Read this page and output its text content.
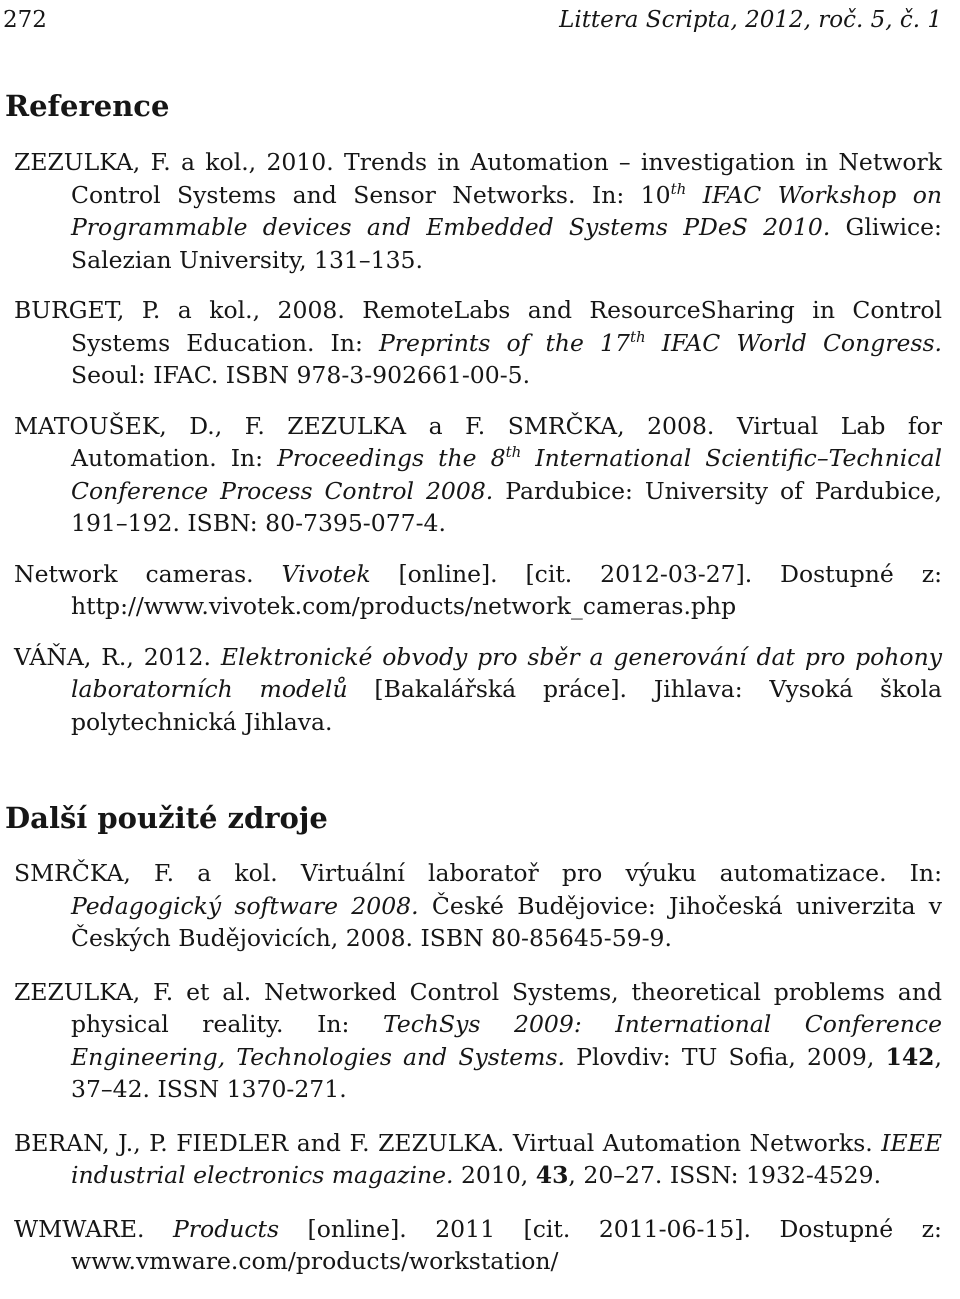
272	Littera Scripta, 2012, roč. 5, č. 1
Reference
ZEZULKA, F. a kol., 2010. Trends in Automation – investigation in Network Control Systems and Sensor Networks. In: 10th IFAC Workshop on Programmable devices and Embedded Systems PDeS 2010. Gliwice: Salezian University, 131–135.
BURGET, P. a kol., 2008. RemoteLabs and ResourceSharing in Control Systems Education. In: Preprints of the 17th IFAC World Congress. Seoul: IFAC. ISBN 978-3-902661-00-5.
MATOUŠEK, D., F. ZEZULKA a F. SMRČKA, 2008. Virtual Lab for Automation. In: Proceedings the 8th International Scientific–Technical Conference Process Control 2008. Pardubice: University of Pardubice, 191–192. ISBN: 80-7395-077-4.
Network cameras. Vivotek [online]. [cit. 2012-03-27]. Dostupné z: http://www.vivotek.com/products/network_cameras.php
VÁŇA, R., 2012. Elektronické obvody pro sběr a generování dat pro pohony laboratorních modelů [Bakalářská práce]. Jihlava: Vysoká škola polytechnická Jihlava.
Další použité zdroje
SMRČKA, F. a kol. Virtuální laboratoř pro výuku automatizace. In: Pedagogický software 2008. České Budějovice: Jihočeská univerzita v Českých Budějovicích, 2008. ISBN 80-85645-59-9.
ZEZULKA, F. et al. Networked Control Systems, theoretical problems and physical reality. In: TechSys 2009: International Conference Engineering, Technologies and Systems. Plovdiv: TU Sofia, 2009, 142, 37–42. ISSN 1370-271.
BERAN, J., P. FIEDLER and F. ZEZULKA. Virtual Automation Networks. IEEE industrial electronics magazine. 2010, 43, 20–27. ISSN: 1932-4529.
WMWARE. Products [online]. 2011 [cit. 2011-06-15]. Dostupné z: www.vmware.com/products/workstation/
